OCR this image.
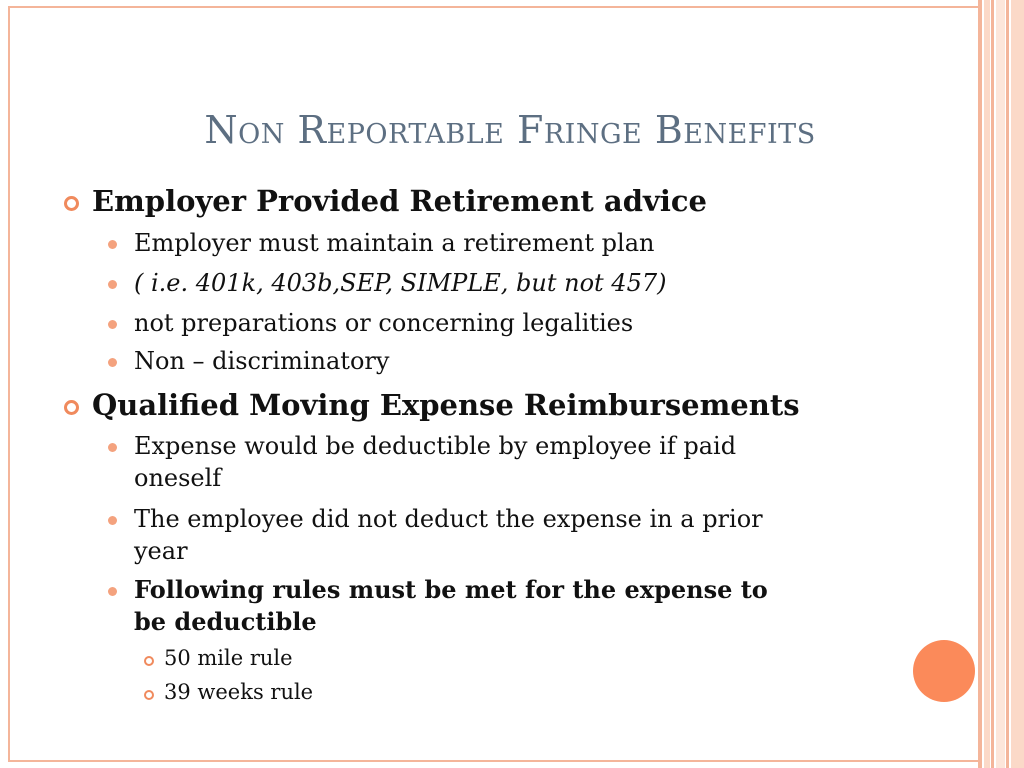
Non Reportable Fringe Benefits
Employer Provided Retirement advice
Employer must maintain a retirement plan
( i.e. 401k, 403b,SEP, SIMPLE, but not 457)
not preparations or concerning legalities
Non – discriminatory
Qualified Moving Expense Reimbursements
Expense would be deductible by employee if paid
oneself
The employee did not deduct the expense in a prior
year
Following rules must be met for the expense to
be deductible
50 mile rule
39 weeks rule
